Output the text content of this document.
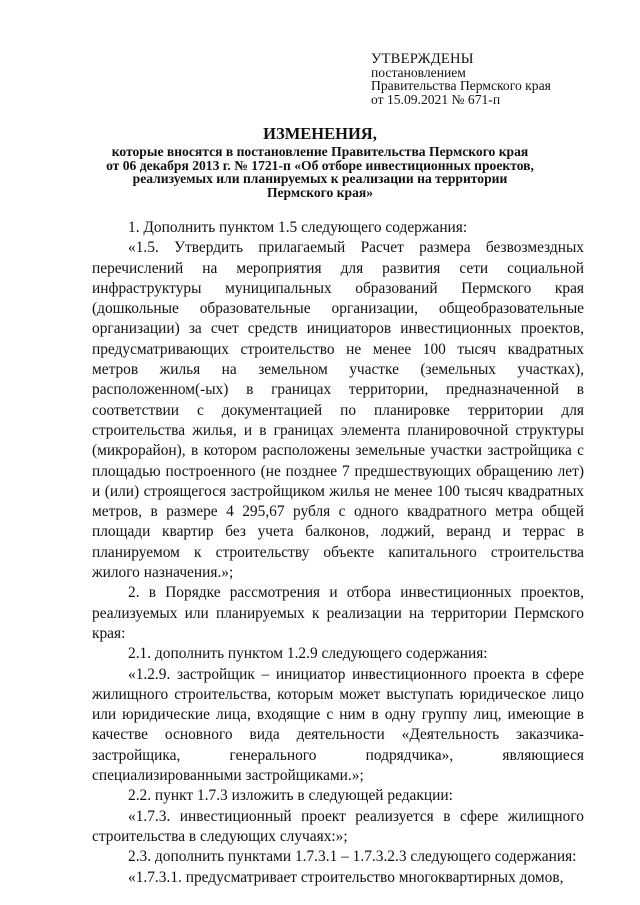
УТВЕРЖДЕНЫ
постановлением
Правительства Пермского края
от 15.09.2021 № 671-п
ИЗМЕНЕНИЯ,
которые вносятся в постановление Правительства Пермского края
от 06 декабря 2013 г. № 1721-п «Об отборе инвестиционных проектов,
реализуемых или планируемых к реализации на территории
Пермского края»

1. Дополнить пунктом 1.5 следующего содержания:

«1.5. Утвердить прилагаемый Расчет размера безвозмездных перечислений на мероприятия для развития сети социальной инфраструктуры муниципальных образований Пермского края (дошкольные образовательные организации, общеобразовательные организации) за счет средств инициаторов инвестиционных проектов, предусматривающих строительство не менее 100 тысяч квадратных метров жилья на земельном участке (земельных участках), расположенном(-ых) в границах территории, предназначенной в соответствии с документацией по планировке территории для строительства жилья, и в границах элемента планировочной структуры (микрорайон), в котором расположены земельные участки застройщика с площадью построенного (не позднее 7 предшествующих обращению лет) и (или) строящегося застройщиком жилья не менее 100 тысяч квадратных метров, в размере 4 295,67 рубля с одного квадратного метра общей площади квартир без учета балконов, лоджий, веранд и террас в планируемом к строительству объекте капитального строительства жилого назначения.»;

2. в Порядке рассмотрения и отбора инвестиционных проектов, реализуемых или планируемых к реализации на территории Пермского края:

2.1. дополнить пунктом 1.2.9 следующего содержания:

«1.2.9. застройщик – инициатор инвестиционного проекта в сфере жилищного строительства, которым может выступать юридическое лицо или юридические лица, входящие с ним в одну группу лиц, имеющие в качестве основного вида деятельности «Деятельность заказчика-застройщика, генерального подрядчика», являющиеся специализированными застройщиками.»;

2.2. пункт 1.7.3 изложить в следующей редакции:

«1.7.3. инвестиционный проект реализуется в сфере жилищного строительства в следующих случаях:»;

2.3. дополнить пунктами 1.7.3.1 – 1.7.3.2.3 следующего содержания:

«1.7.3.1. предусматривает строительство многоквартирных домов,
